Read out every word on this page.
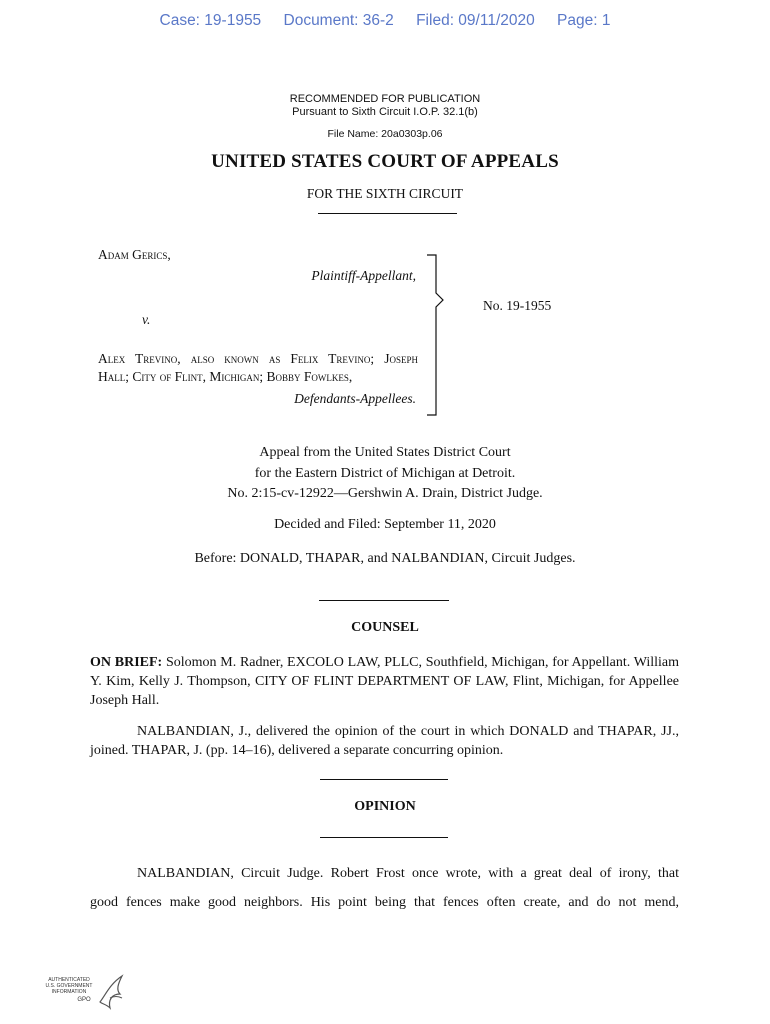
Case: 19-1955 Document: 36-2 Filed: 09/11/2020 Page: 1
RECOMMENDED FOR PUBLICATION
Pursuant to Sixth Circuit I.O.P. 32.1(b)
File Name: 20a0303p.06
UNITED STATES COURT OF APPEALS
FOR THE SIXTH CIRCUIT
Adam Gerics,
Plaintiff-Appellant,
v.
Alex Trevino, also known as Felix Trevino; Joseph
Hall; City of Flint, Michigan; Bobby Fowlkes,
Defendants-Appellees.
No. 19-1955
Appeal from the United States District Court
for the Eastern District of Michigan at Detroit.
No. 2:15-cv-12922—Gershwin A. Drain, District Judge.
Decided and Filed: September 11, 2020
Before: DONALD, THAPAR, and NALBANDIAN, Circuit Judges.
COUNSEL
ON BRIEF: Solomon M. Radner, EXCOLO LAW, PLLC, Southfield, Michigan, for Appellant. William Y. Kim, Kelly J. Thompson, CITY OF FLINT DEPARTMENT OF LAW, Flint, Michigan, for Appellee Joseph Hall.
NALBANDIAN, J., delivered the opinion of the court in which DONALD and THAPAR, JJ., joined. THAPAR, J. (pp. 14–16), delivered a separate concurring opinion.
OPINION
NALBANDIAN, Circuit Judge. Robert Frost once wrote, with a great deal of irony, that
good fences make good neighbors. His point being that fences often create, and do not mend,
AUTHENTICATED
U.S. GOVERNMENT
INFORMATION
GPO
